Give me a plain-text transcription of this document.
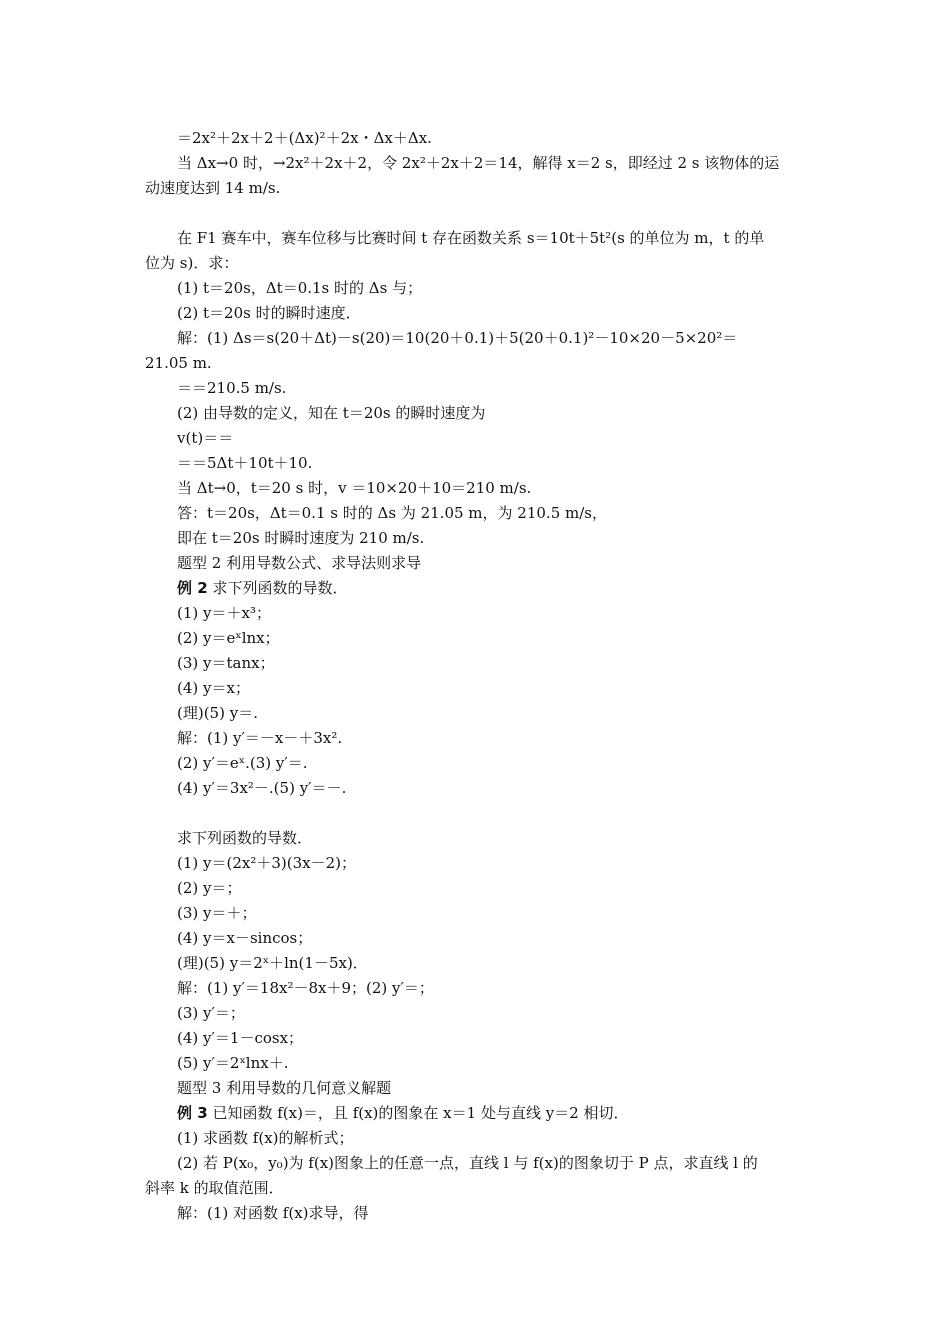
＝2x²＋2x＋2＋(Δx)²＋2x・Δx＋Δx.
当 Δx→0 时，→2x²＋2x＋2，令 2x²＋2x＋2＝14，解得 x＝2 s，即经过 2 s 该物体的运
动速度达到 14 m/s.
在 F1 赛车中，赛车位移与比赛时间 t 存在函数关系 s＝10t＋5t²(s 的单位为 m，t 的单
位为 s)．求：
(1) t＝20s，Δt＝0.1s 时的 Δs 与；
(2) t＝20s 时的瞬时速度．
解：(1) Δs＝s(20＋Δt)－s(20)＝10(20＋0.1)＋5(20＋0.1)²－10×20－5×20²＝
21.05 m.
＝＝210.5 m/s.
(2) 由导数的定义，知在 t＝20s 的瞬时速度为
v(t)＝＝
＝＝5Δt＋10t＋10.
当 Δt→0，t＝20 s 时，v ＝10×20＋10＝210 m/s.
答：t＝20s，Δt＝0.1 s 时的 Δs 为 21.05 m，为 210.5 m/s，
即在 t＝20s 时瞬时速度为 210 m/s.
题型 2 利用导数公式、求导法则求导
例 2 求下列函数的导数．
(1) y＝＋x³；
(2) y＝eˣlnx；
(3) y＝tanx；
(4) y＝x；
(理)(5) y＝.
解：(1) y′＝－x－＋3x².
(2) y′＝eˣ.(3) y′＝.
(4) y′＝3x²－.(5) y′＝－.
求下列函数的导数．
(1) y＝(2x²＋3)(3x－2)；
(2) y＝；
(3) y＝＋；
(4) y＝x－sincos；
(理)(5) y＝2ˣ＋ln(1－5x)．
解：(1) y′＝18x²－8x＋9；(2) y′＝；
(3) y′＝；
(4) y′＝1－cosx；
(5) y′＝2ˣlnx＋.
题型 3 利用导数的几何意义解题
例 3 已知函数 f(x)＝，且 f(x)的图象在 x＝1 处与直线 y＝2 相切．
(1) 求函数 f(x)的解析式；
(2) 若 P(x₀，y₀)为 f(x)图象上的任意一点，直线 l 与 f(x)的图象切于 P 点，求直线 l 的
斜率 k 的取值范围．
解：(1) 对函数 f(x)求导，得
